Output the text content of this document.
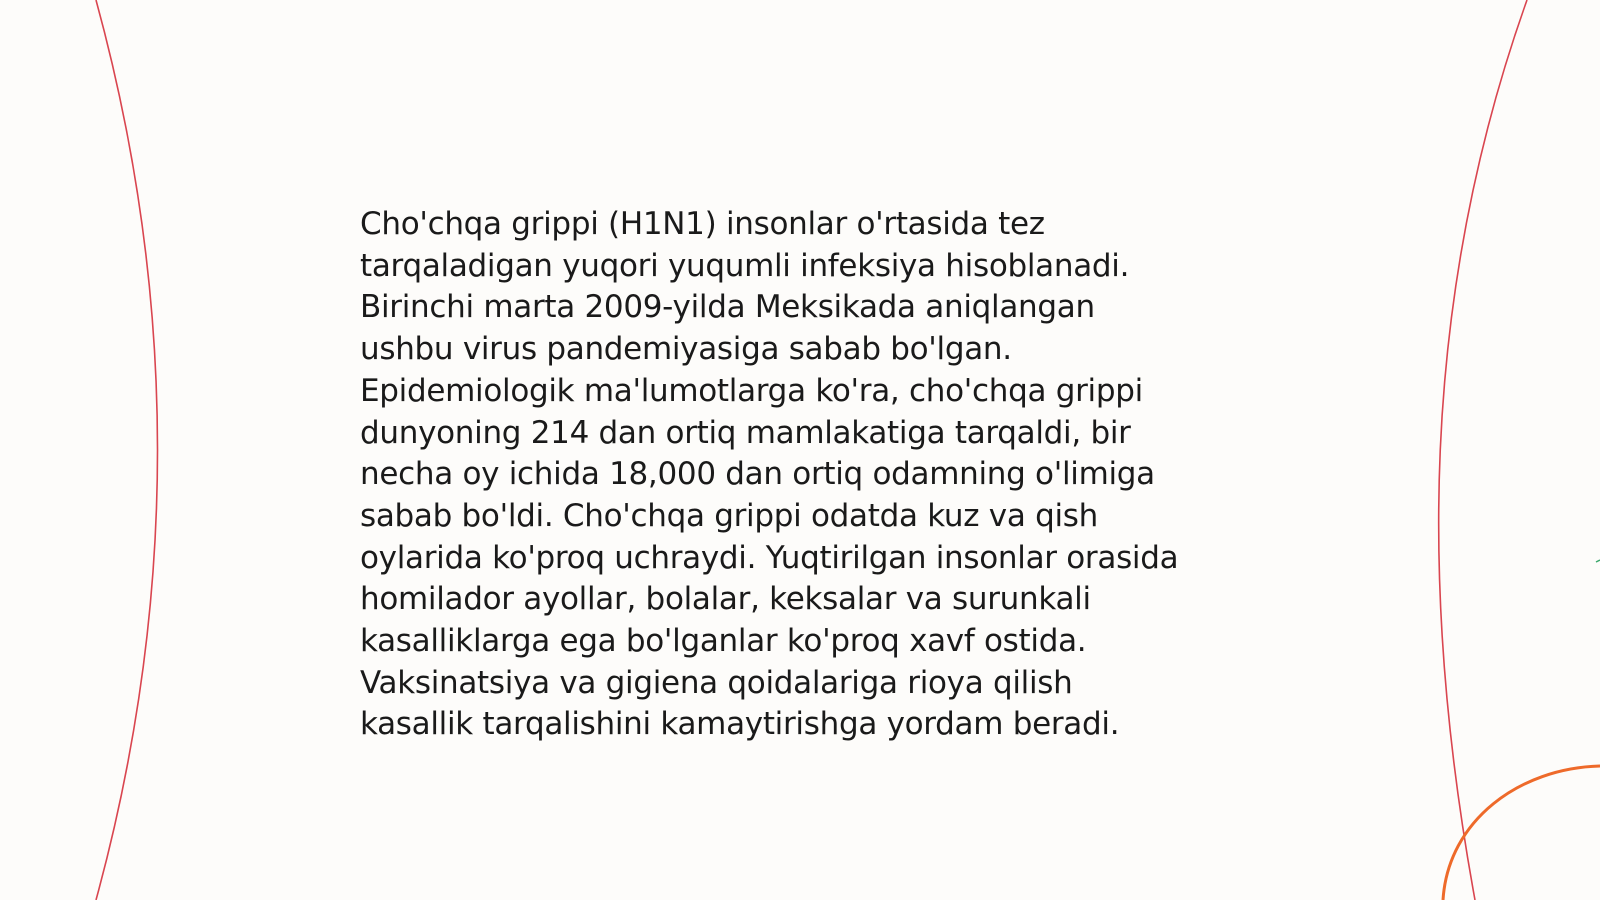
Cho'chqa grippi (H1N1) insonlar o'rtasida tez
tarqaladigan yuqori yuqumli infeksiya hisoblanadi.
Birinchi marta 2009-yilda Meksikada aniqlangan
ushbu virus pandemiyasiga sabab bo'lgan.
Epidemiologik ma'lumotlarga ko'ra, cho'chqa grippi
dunyoning 214 dan ortiq mamlakatiga tarqaldi, bir
necha oy ichida 18,000 dan ortiq odamning o'limiga
sabab bo'ldi. Cho'chqa grippi odatda kuz va qish
oylarida ko'proq uchraydi. Yuqtirilgan insonlar orasida
homilador ayollar, bolalar, keksalar va surunkali
kasalliklarga ega bo'lganlar ko'proq xavf ostida.
Vaksinatsiya va gigiena qoidalariga rioya qilish
kasallik tarqalishini kamaytirishga yordam beradi.
